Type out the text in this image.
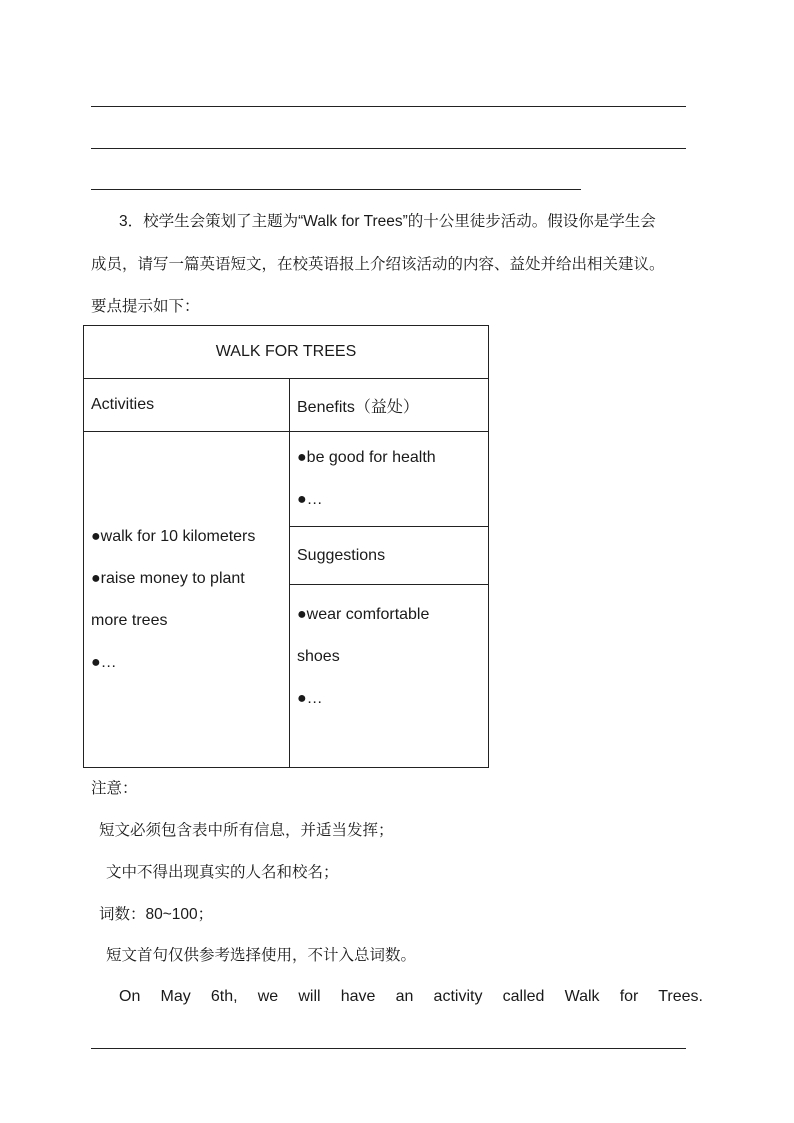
3．校学生会策划了主题为“Walk for Trees”的十公里徒步活动。假设你是学生会
成员，请写一篇英语短文，在校英语报上介绍该活动的内容、益处并给出相关建议。
要点提示如下：
WALK FOR TREES	
Activities	Benefits（益处）

●walk for 10 kilometers
●raise money to plant
more trees
●…	●be good for health
●…

	Suggestions

	●wear comfortable
shoes
●…
注意：
短文必须包含表中所有信息，并适当发挥；
文中不得出现真实的人名和校名；
词数：80~100；
短文首句仅供参考选择使用，不计入总词数。
On May 6th, we will have an activity called Walk for Trees.
